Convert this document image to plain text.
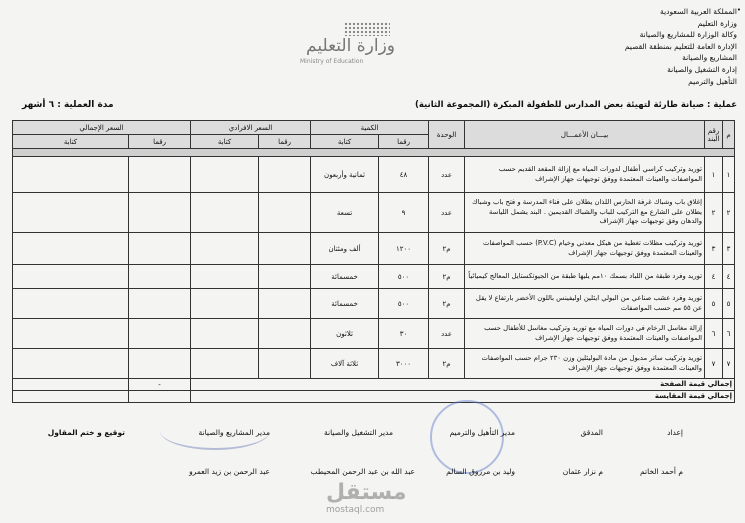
•
المملكة العربية السعودية
وزارة التعليم
وكالة الوزارة للمشاريع والصيانة
الإدارة العامة للتعليم بمنطقة القصيم
المشاريع والصيانة
إدارة التشغيل والصيانة
التأهيل والترميم
وزارة التعليم
Ministry of Education
عملية : صيانة طارئة لتهيئة بعض المدارس للطفولة المبكرة (المجموعة الثانية)
مدة العملية : ٦ أشهر
م	رقم البند	بيـــان الأعمـــال	الوحدة	الكمية		السعر الافرادي		السعر الإجمالي	
				رقما	كتابة	رقما	كتابة	رقما	كتابة

١	١	توريد وتركيب كراسي أطفال لدورات المياه مع إزالة المقعد القديم حسب المواصفات والعينات المعتمدة ووفق توجيهات جهاز الإشراف	عدد	٤٨	ثمانية وأربعون				
٢	٢	إغلاق باب وشباك غرفة الحارس اللذان يطلان على فناء المدرسة و فتح باب وشباك يطلان على الشارع مع التركيب للباب والشباك القديمين . البند يشمل اللياسة والدهان وفق توجيهات جهاز الإشراف	عدد	٩	تسعة				
٣	٣	توريد وتركيب مظلات تغطية من هيكل معدني وخيام (P.V.C) حسب المواصفات والعينات المعتمدة ووفق توجيهات جهاز الإشراف	م٢	١٢٠٠	ألف ومئتان				
٤	٤	توريد وفرد طبقة من اللباد بسمك ١٠مم يليها طبقة من الجيوتكستايل المعالج كيميائياً	م٢	٥٠٠	خمسمائة				
٥	٥	توريد وفرد عشب صناعي من البولي ايثلين اوليفينس باللون الأخضر بارتفاع لا يقل عن ٥٥ مم حسب المواصفات	م٢	٥٠٠	خمسمائة				
٦	٦	إزالة مغاسل الرخام في دورات المياه مع توريد وتركيب مغاسل للأطفال حسب المواصفات والعينات المعتمدة ووفق توجيهات جهاز الإشراف	عدد	٣٠	ثلاثون				
٧	٧	توريد وتركيب ساتر مدبول من مادة البوليثلين وزن ٢٣٠ جرام حسب المواصفات والعينات المعتمدة ووفق توجيهات جهاز الإشراف	م٢	٣٠٠٠	ثلاثة آلاف				
إجمالي قيمة الصفحة								-	
إجمالي قيمة المقايسة									
إعداد
م أحمد الخاتم
المدقق
م نزار عثمان
مدير التأهيل والترميم
وليد بن مرزوق السالم
مدير التشغيل والصيانة
عبد الله بن عبد الرحمن المحيطب
مدير المشاريع والصيانة
عبد الرحمن بن زيد العمرو
توقيع و ختم المقاول
مستقل
mostaql.com
